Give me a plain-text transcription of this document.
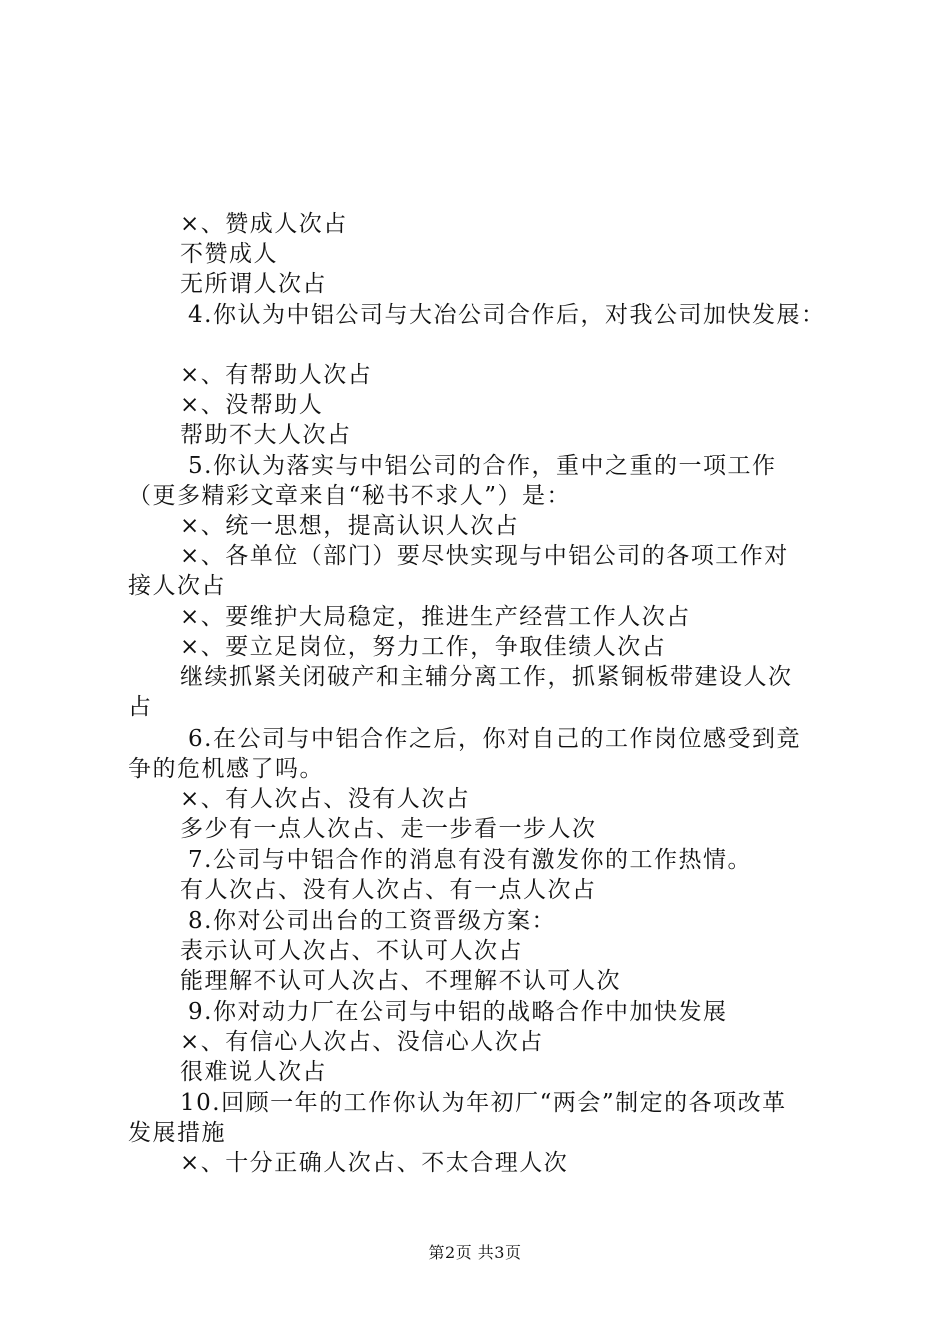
×、赞成人次占
不赞成人
无所谓人次占
4.你认为中铝公司与大冶公司合作后，对我公司加快发展：
×、有帮助人次占
×、没帮助人
帮助不大人次占
5.你认为落实与中铝公司的合作，重中之重的一项工作
（更多精彩文章来自“秘书不求人”）是：
×、统一思想，提高认识人次占
×、各单位（部门）要尽快实现与中铝公司的各项工作对
接人次占
×、要维护大局稳定，推进生产经营工作人次占
×、要立足岗位，努力工作，争取佳绩人次占
继续抓紧关闭破产和主辅分离工作，抓紧铜板带建设人次
占
6.在公司与中铝合作之后，你对自己的工作岗位感受到竞
争的危机感了吗。
×、有人次占、没有人次占
多少有一点人次占、走一步看一步人次
7.公司与中铝合作的消息有没有激发你的工作热情。
有人次占、没有人次占、有一点人次占
8.你对公司出台的工资晋级方案：
表示认可人次占、不认可人次占
能理解不认可人次占、不理解不认可人次
9.你对动力厂在公司与中铝的战略合作中加快发展
×、有信心人次占、没信心人次占
很难说人次占
10.回顾一年的工作你认为年初厂“两会”制定的各项改革
发展措施
×、十分正确人次占、不太合理人次
第2页 共3页
